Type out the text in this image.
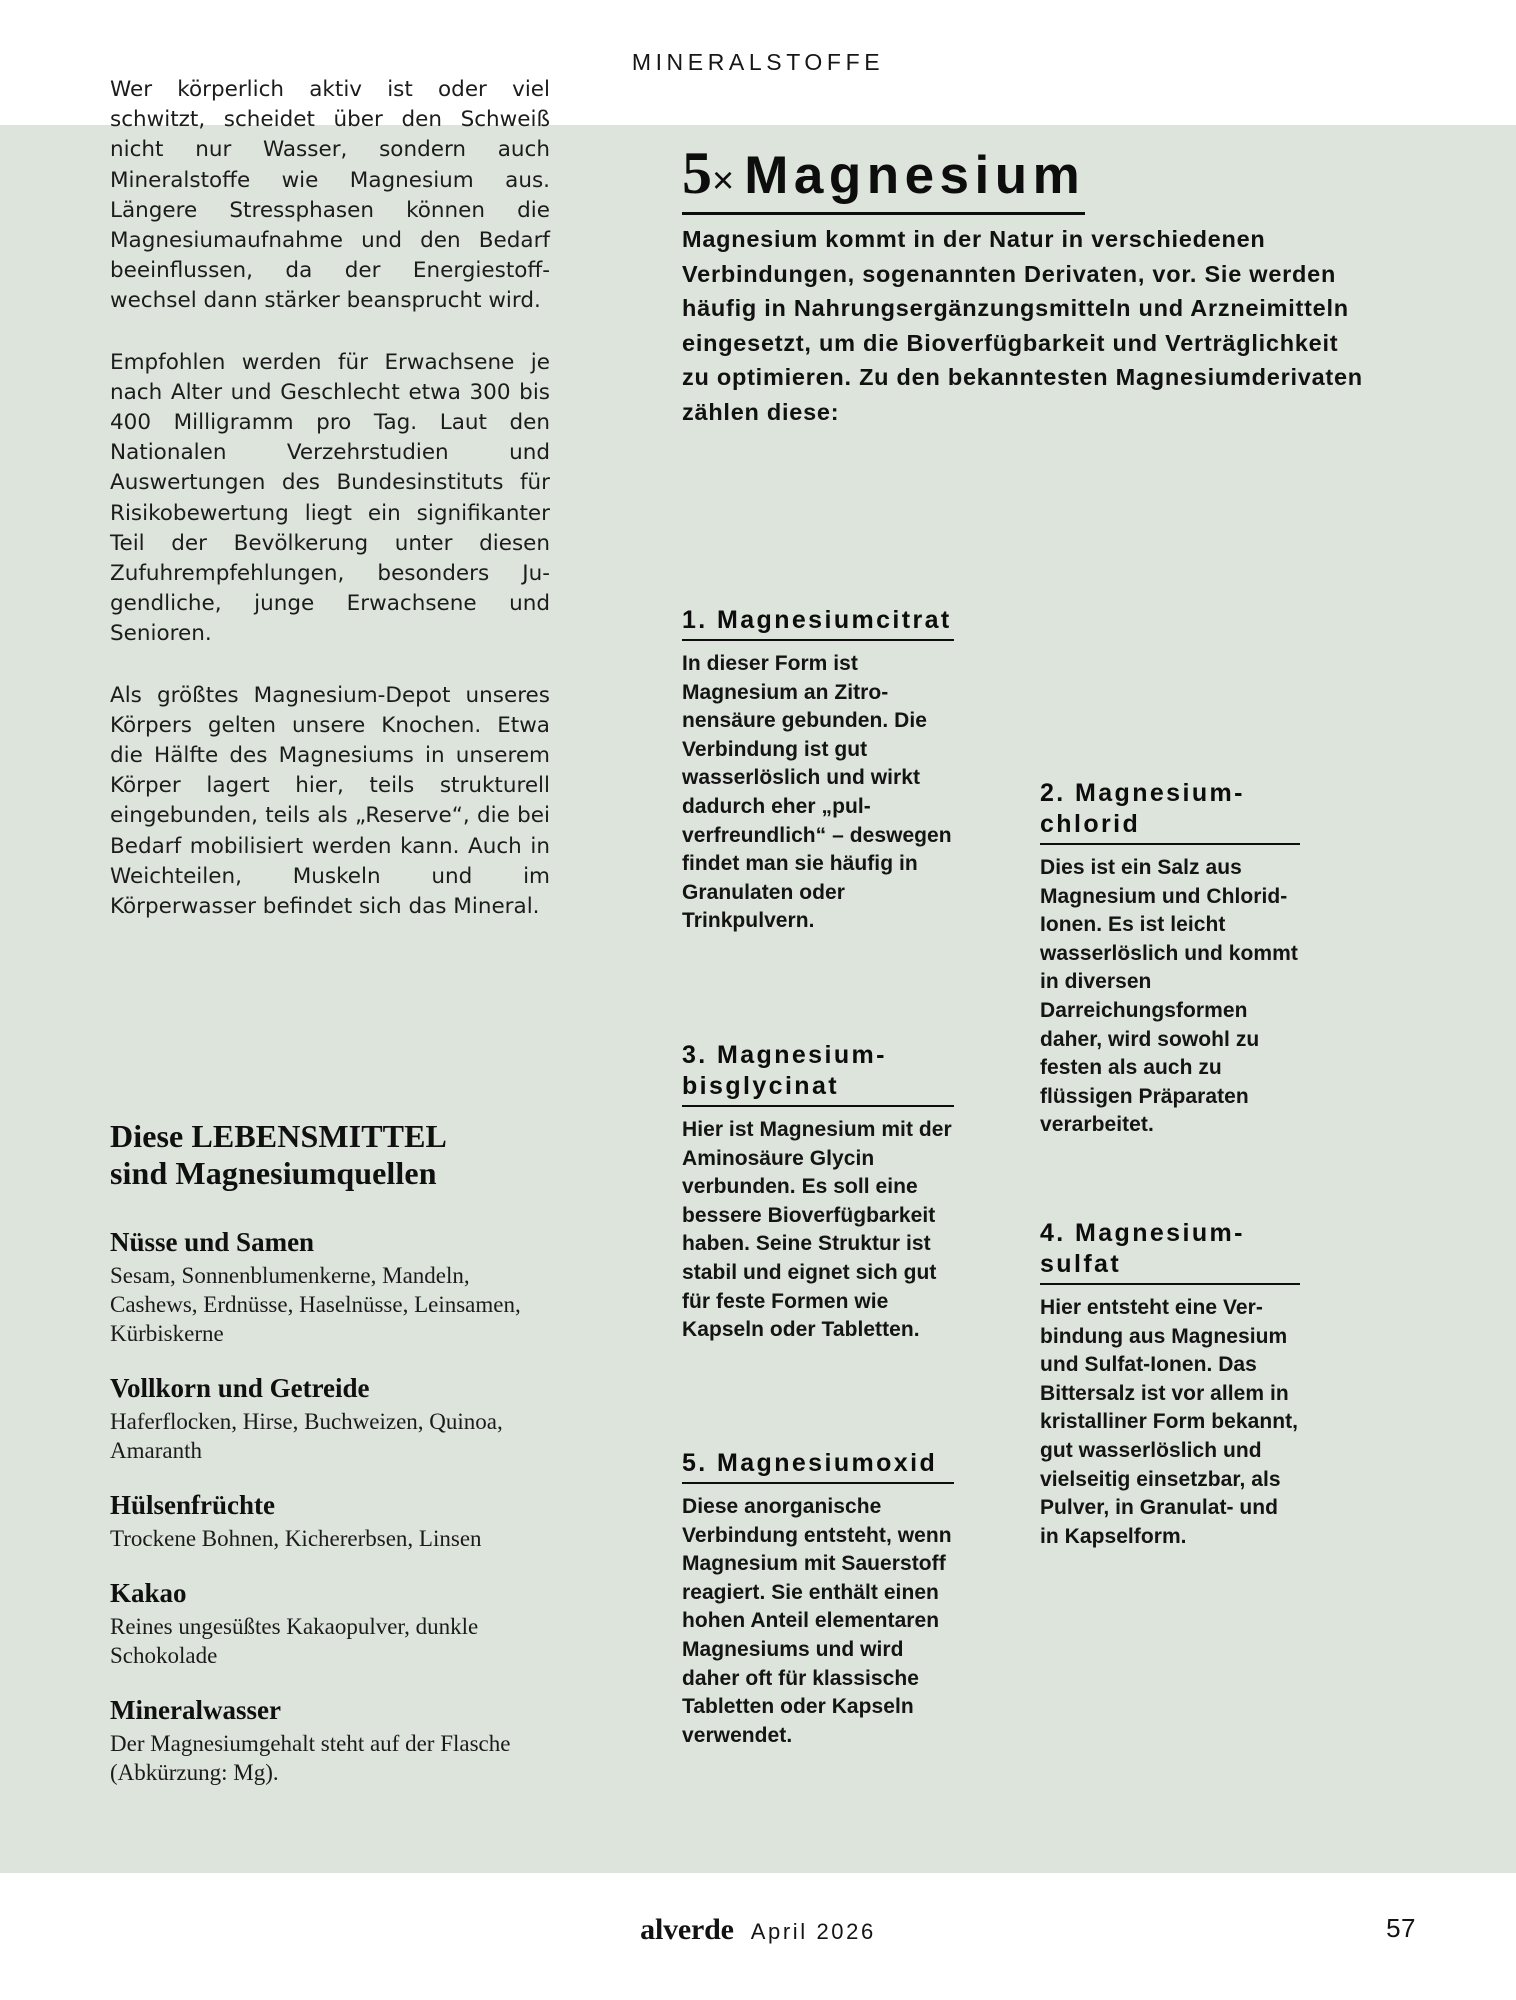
MINERALSTOFFE

Wer körperlich aktiv ist oder viel schwitzt, scheidet über den Schweiß nicht nur Wasser, sondern auch Mineralstoffe wie Magnesium aus. Längere Stressphasen können die Magnesiumaufnahme und den Bedarf beeinflussen, da der Energiestoffwechsel dann stärker beansprucht wird.

Empfohlen werden für Erwachsene je nach Alter und Geschlecht etwa 300 bis 400 Milligramm pro Tag. Laut den Nationalen Verzehrstudien und Auswertungen des Bundesinstituts für Risikobewertung liegt ein signifikanter Teil der Bevölkerung unter diesen Zufuhrempfehlungen, besonders Jugendliche, junge Erwachsene und Senioren.

Als größtes Magnesium-Depot unseres Körpers gelten unsere Knochen. Etwa die Hälfte des Magnesiums in unserem Körper lagert hier, teils strukturell eingebunden, teils als „Reserve“, die bei Bedarf mobilisiert werden kann. Auch in Weichteilen, Muskeln und im Körperwasser befindet sich das Mineral.

Diese LEBENSMITTEL
sind Magnesiumquellen
Nüsse und Samen

Sesam, Sonnenblumenkerne, Mandeln, Cashews, Erdnüsse, Haselnüsse, Leinsamen, Kürbiskerne

Vollkorn und Getreide

Haferflocken, Hirse, Buchweizen, Quinoa, Amaranth

Hülsenfrüchte

Trockene Bohnen, Kichererbsen, Linsen

Kakao

Reines ungesüßtes Kakaopulver, dunkle Schokolade

Mineralwasser

Der Magnesiumgehalt steht auf der Flasche (Abkürzung: Mg).

5×Magnesium

Magnesium kommt in der Natur in verschiedenen Verbindungen, sogenannten Derivaten, vor. Sie werden häufig in Nahrungsergänzungsmitteln und Arzneimitteln eingesetzt, um die Bioverfügbarkeit und Verträglichkeit zu optimieren. Zu den bekanntesten Magnesiumderivaten zählen diese:

1. Magnesiumcitrat

In dieser Form ist Magnesium an Zitronensäure gebunden. Die Verbindung ist gut wasserlöslich und wirkt dadurch eher „pulverfreundlich“ – deswegen findet man sie häufig in Granulaten oder Trinkpulvern.

2. Magnesiumchlorid

Dies ist ein Salz aus Magnesium und Chlorid-Ionen. Es ist leicht wasserlöslich und kommt in diversen Darreichungsformen daher, wird sowohl zu festen als auch zu flüssigen Präparaten verarbeitet.

3. Magnesiumbisglycinat

Hier ist Magnesium mit der Aminosäure Glycin verbunden. Es soll eine bessere Bioverfügbarkeit haben. Seine Struktur ist stabil und eignet sich gut für feste Formen wie Kapseln oder Tabletten.

4. Magnesiumsulfat

Hier entsteht eine Verbindung aus Magnesium und Sulfat-Ionen. Das Bittersalz ist vor allem in kristalliner Form bekannt, gut wasserlöslich und vielseitig einsetzbar, als Pulver, in Granulat- und in Kapselform.

5. Magnesiumoxid

Diese anorganische Verbindung entsteht, wenn Magnesium mit Sauerstoff reagiert. Sie enthält einen hohen Anteil elementaren Magnesiums und wird daher oft für klassische Tabletten oder Kapseln verwendet.

alverde April 2026	57
